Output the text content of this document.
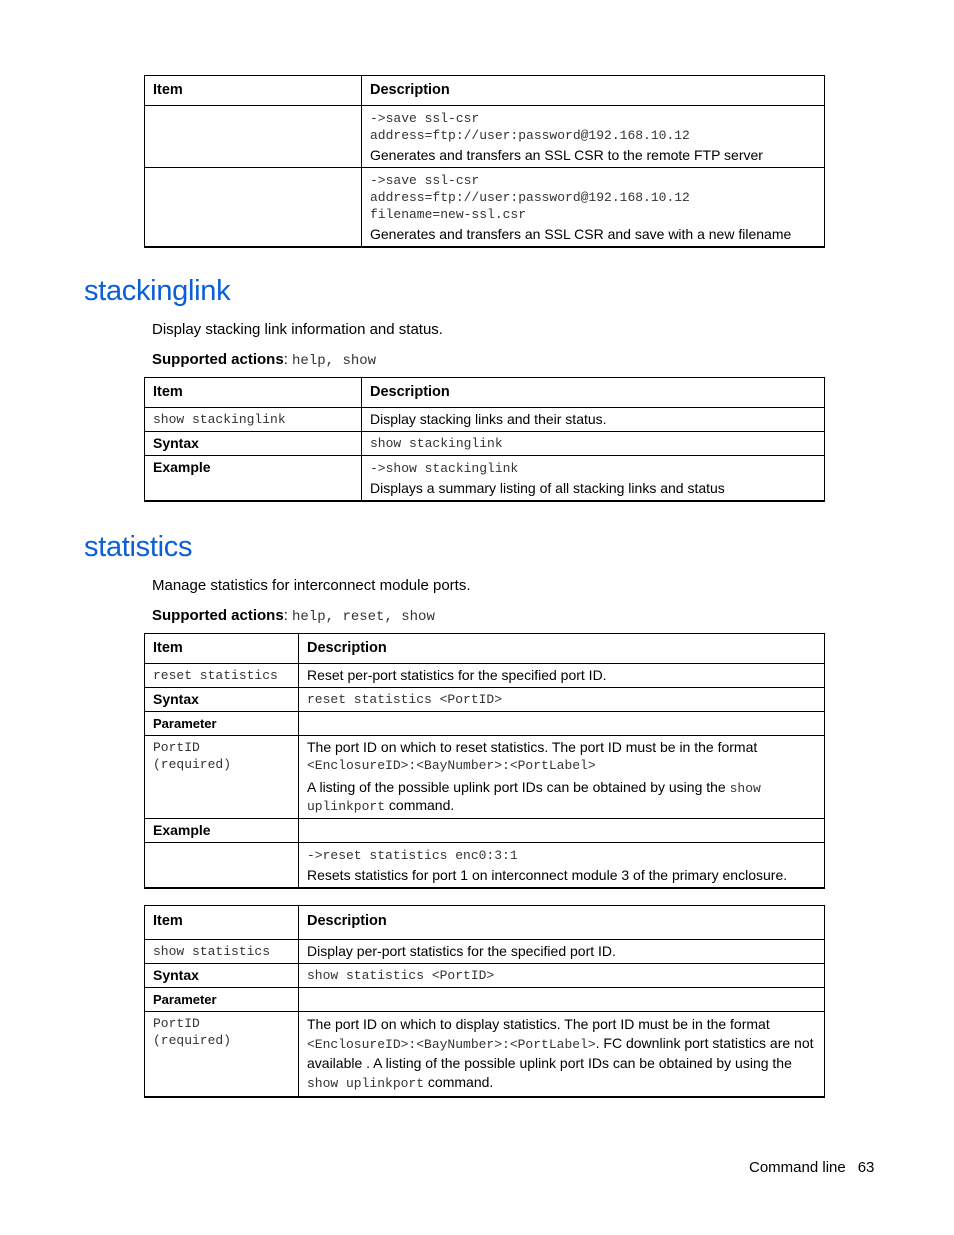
Item	Description

	->save ssl-csr
address=ftp://user:password@192.168.10.12
Generates and transfers an SSL CSR to the remote FTP server

	->save ssl-csr
address=ftp://user:password@192.168.10.12
filename=new-ssl.csr
Generates and transfers an SSL CSR and save with a new filename
stackinglink

Display stacking link information and status.

Supported actions: help, show

Item	Description
show stackinglink	Display stacking links and their status.
Syntax	show stackinglink
Example	->show stackinglink
Displays a summary listing of all stacking links and status
statistics

Manage statistics for interconnect module ports.

Supported actions: help, reset, show

Item	Description
reset statistics	Reset per-port statistics for the specified port ID.
Syntax	reset statistics <PortID>
Parameter	
PortID
(required)	The port ID on which to reset statistics. The port ID must be in the format
<EnclosureID>:<BayNumber>:<PortLabel>
A listing of the possible uplink port IDs can be obtained by using the show
uplinkport command.
Example	

	->reset statistics enc0:3:1
Resets statistics for port 1 on interconnect module 3 of the primary enclosure.
Item	Description
show statistics	Display per-port statistics for the specified port ID.
Syntax	show statistics <PortID>
Parameter	
PortID
(required)	The port ID on which to display statistics. The port ID must be in the format <EnclosureID>:<BayNumber>:<PortLabel>. FC downlink port statistics are not available . A listing of the possible uplink port IDs can be obtained by using the show uplinkport command.
Command line 63
